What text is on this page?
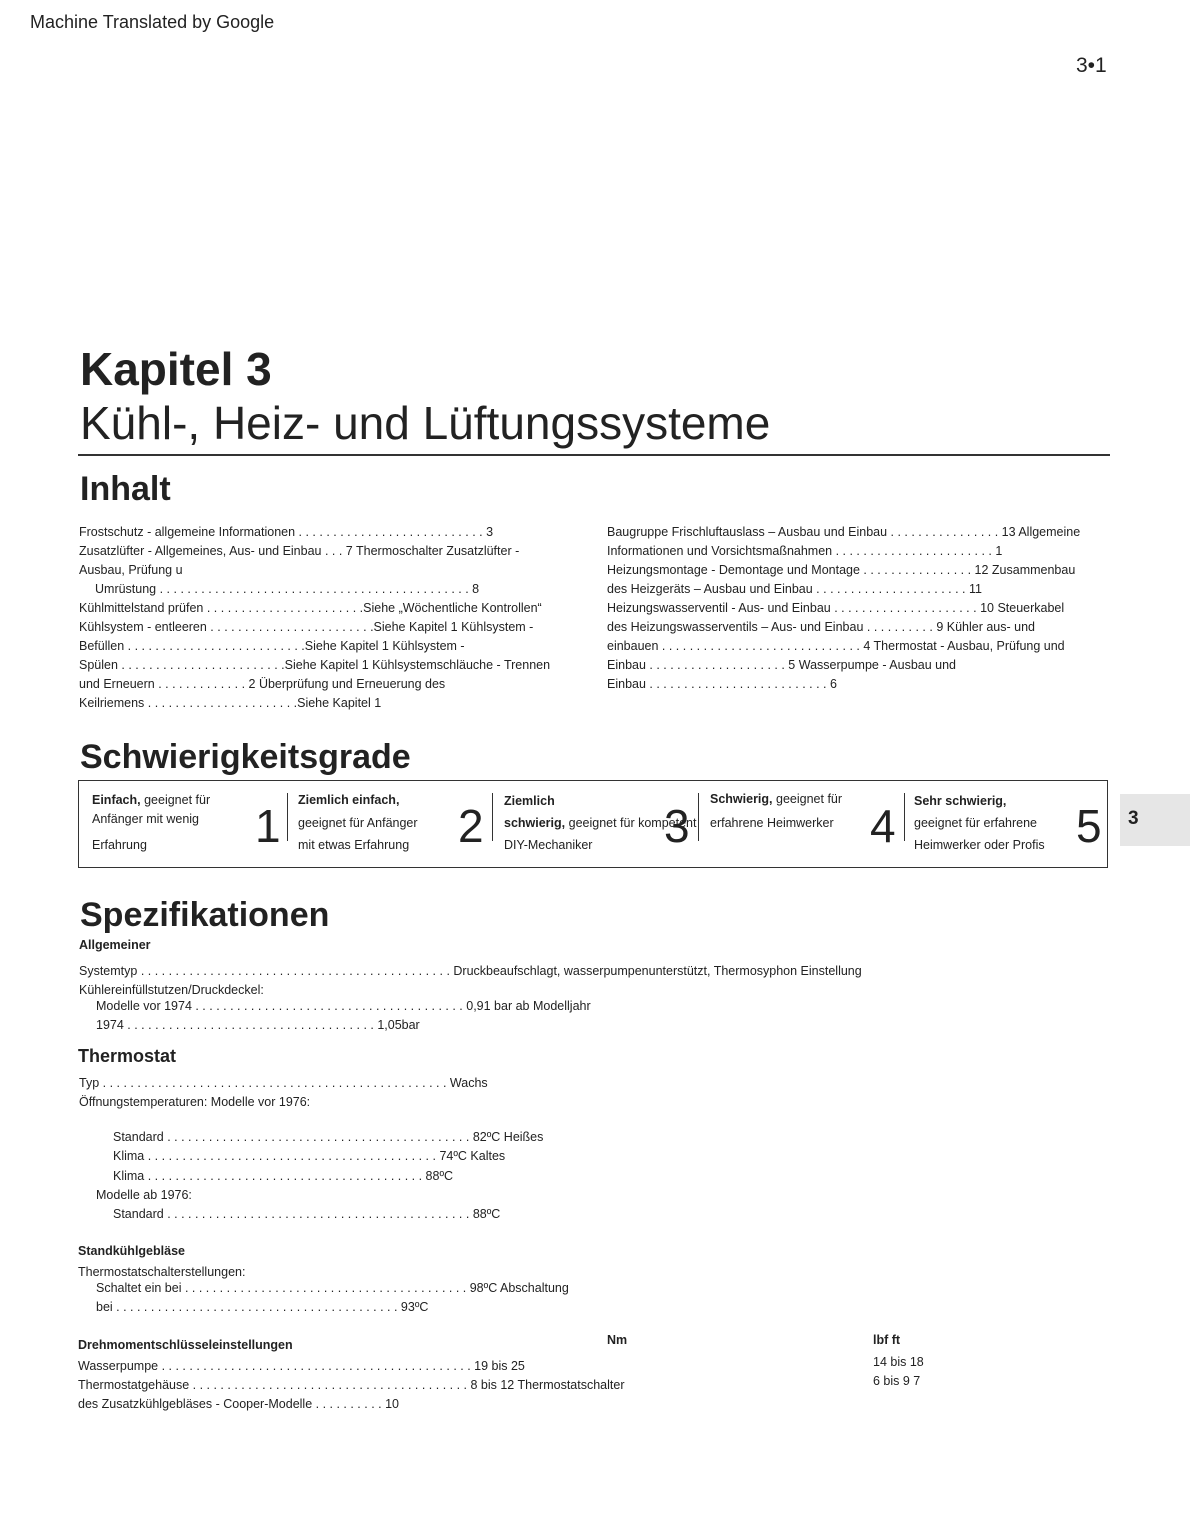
Machine Translated by Google
3•1
Kapitel 3
Kühl-, Heiz- und Lüftungssysteme
Inhalt
Frostschutz - allgemeine Informationen . . . . . . . . . . . . . . . . . . . . . . . . . . . 3
Zusatzlüfter - Allgemeines, Aus- und Einbau . . . 7 Thermoschalter Zusatzlüfter -
Ausbau, Prüfung u
Umrüstung . . . . . . . . . . . . . . . . . . . . . . . . . . . . . . . . . . . . . . . . . . . . . 8
Kühlmittelstand prüfen . . . . . . . . . . . . . . . . . . . . . . .Siehe „Wöchentliche Kontrollen“
Kühlsystem - entleeren . . . . . . . . . . . . . . . . . . . . . . . .Siehe Kapitel 1 Kühlsystem -
Befüllen . . . . . . . . . . . . . . . . . . . . . . . . . .Siehe Kapitel 1 Kühlsystem -
Spülen . . . . . . . . . . . . . . . . . . . . . . . .Siehe Kapitel 1 Kühlsystemschläuche - Trennen
und Erneuern . . . . . . . . . . . . . 2 Überprüfung und Erneuerung des
Keilriemens . . . . . . . . . . . . . . . . . . . . . .Siehe Kapitel 1
Baugruppe Frischluftauslass – Ausbau und Einbau . . . . . . . . . . . . . . . . 13 Allgemeine
Informationen und Vorsichtsmaßnahmen . . . . . . . . . . . . . . . . . . . . . . . 1
Heizungsmontage - Demontage und Montage . . . . . . . . . . . . . . . . 12 Zusammenbau
des Heizgeräts – Ausbau und Einbau . . . . . . . . . . . . . . . . . . . . . . 11
Heizungswasserventil - Aus- und Einbau . . . . . . . . . . . . . . . . . . . . . 10 Steuerkabel
des Heizungswasserventils – Aus- und Einbau . . . . . . . . . . 9 Kühler aus- und
einbauen . . . . . . . . . . . . . . . . . . . . . . . . . . . . . 4 Thermostat - Ausbau, Prüfung und
Einbau . . . . . . . . . . . . . . . . . . . . 5 Wasserpumpe - Ausbau und
Einbau . . . . . . . . . . . . . . . . . . . . . . . . . . 6
Schwierigkeitsgrade
Einfach, geeignet für
Anfänger mit wenig
Erfahrung 1 Ziemlich einfach,
geeignet für Anfänger
mit etwas Erfahrung 2 Ziemlich
schwierig, geeignet für kompetent
DIY-Mechaniker 3
Schwierig, geeignet für
erfahrene Heimwerker 4 Sehr schwierig,
geeignet für erfahrene
Heimwerker oder Profis 5 3
Spezifikationen
Allgemeiner
Systemtyp . . . . . . . . . . . . . . . . . . . . . . . . . . . . . . . . . . . . . . . . . . . . . Druckbeaufschlagt, wasserpumpenunterstützt, Thermosyphon Einstellung
Kühlereinfüllstutzen/Druckdeckel:
Modelle vor 1974 . . . . . . . . . . . . . . . . . . . . . . . . . . . . . . . . . . . . . . . 0,91 bar ab Modelljahr
1974 . . . . . . . . . . . . . . . . . . . . . . . . . . . . . . . . . . . . 1,05bar
Thermostat
Typ . . . . . . . . . . . . . . . . . . . . . . . . . . . . . . . . . . . . . . . . . . . . . . . . . . Wachs
Öffnungstemperaturen: Modelle vor 1976:
Standard . . . . . . . . . . . . . . . . . . . . . . . . . . . . . . . . . . . . . . . . . . . . 82ºC Heißes
Klima . . . . . . . . . . . . . . . . . . . . . . . . . . . . . . . . . . . . . . . . . . 74ºC Kaltes
Klima . . . . . . . . . . . . . . . . . . . . . . . . . . . . . . . . . . . . . . . . 88ºC
Modelle ab 1976:
Standard . . . . . . . . . . . . . . . . . . . . . . . . . . . . . . . . . . . . . . . . . . . . 88ºC
Standkühlgebläse
Thermostatschalterstellungen:
Schaltet ein bei . . . . . . . . . . . . . . . . . . . . . . . . . . . . . . . . . . . . . . . . . 98ºC Abschaltung
bei . . . . . . . . . . . . . . . . . . . . . . . . . . . . . . . . . . . . . . . . . 93ºC
Drehmomentschlüsseleinstellungen	Nm	lbf ft
Wasserpumpe . . . . . . . . . . . . . . . . . . . . . . . . . . . . . . . . . . . . . . . . . . . . . 19 bis 25
Thermostatgehäuse . . . . . . . . . . . . . . . . . . . . . . . . . . . . . . . . . . . . . . . . 8 bis 12 Thermostatschalter
des Zusatzkühlgebläses - Cooper-Modelle . . . . . . . . . . 10
14 bis 18
6 bis 9 7
